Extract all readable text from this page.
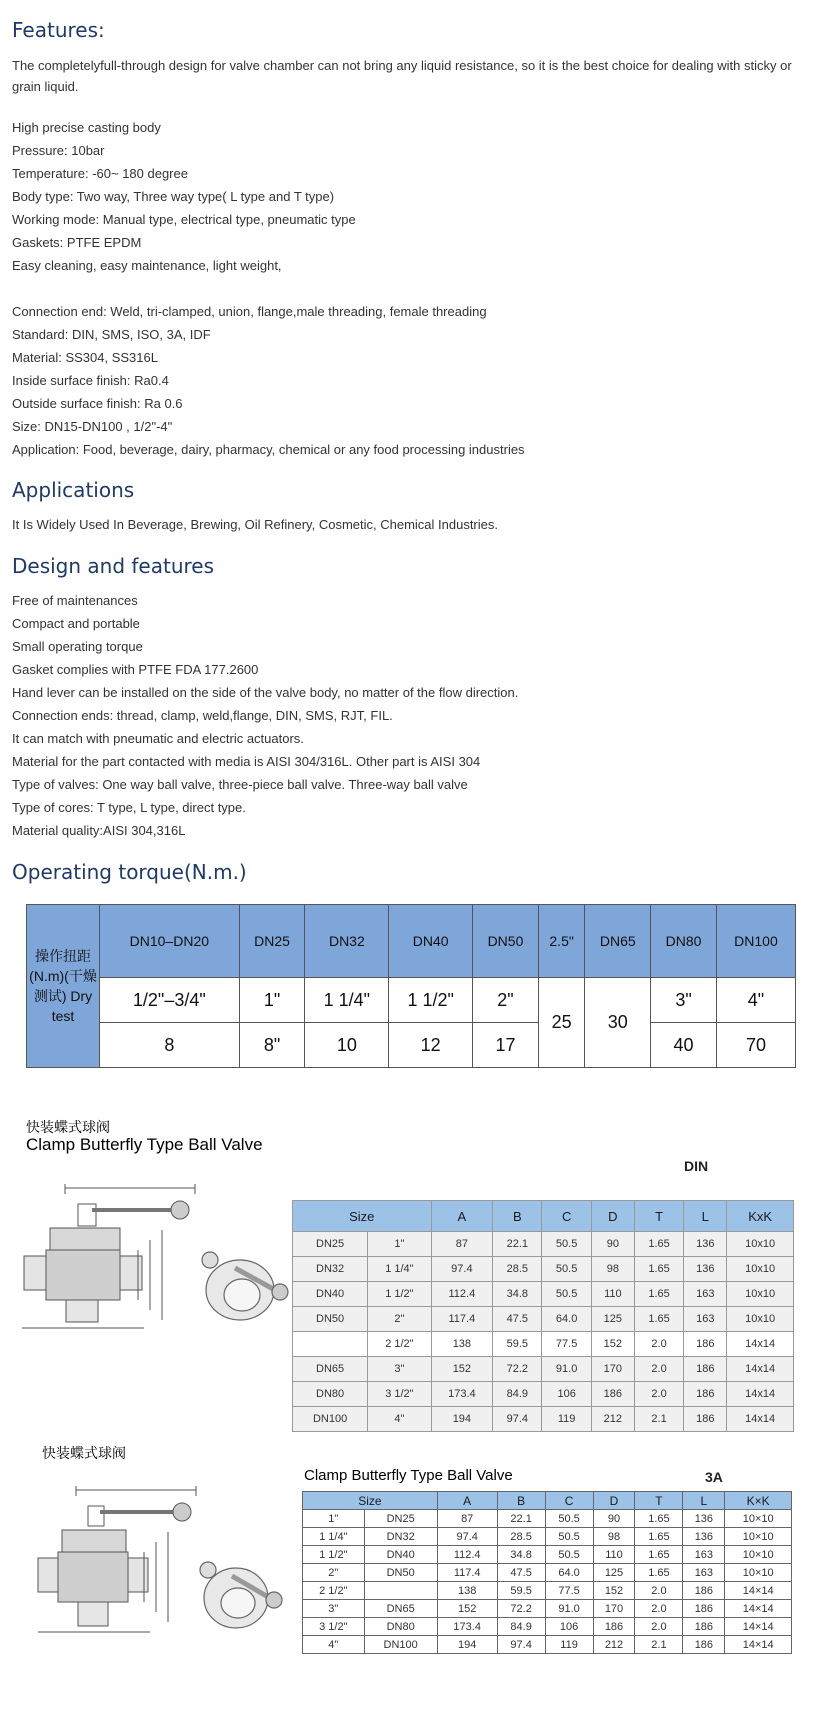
Features:

The completelyfull-through design for valve chamber can not bring any liquid resistance, so it is the best choice for dealing with sticky or grain liquid.

High precise casting body
Pressure: 10bar
Temperature: -60~ 180 degree
Body type: Two way, Three way type( L type and T type)
Working mode: Manual type, electrical type, pneumatic type
Gaskets: PTFE EPDM
Easy cleaning, easy maintenance, light weight,
Connection end: Weld, tri-clamped, union, flange,male threading, female threading
Standard: DIN, SMS, ISO, 3A, IDF
Material: SS304, SS316L
Inside surface finish: Ra0.4
Outside surface finish: Ra 0.6
Size: DN15-DN100 , 1/2"-4"
Application: Food, beverage, dairy, pharmacy, chemical or any food processing industries
Applications

It Is Widely Used In Beverage, Brewing, Oil Refinery, Cosmetic, Chemical Industries.

Design and features
Free of maintenances
Compact and portable
Small operating torque
Gasket complies with PTFE FDA 177.2600
Hand lever can be installed on the side of the valve body, no matter of the flow direction.
Connection ends: thread, clamp, weld,flange, DIN, SMS, RJT, FIL.
It can match with pneumatic and electric actuators.
Material for the part contacted with media is AISI 304/316L. Other part is AISI 304
Type of valves: One way ball valve, three-piece ball valve. Three-way ball valve
Type of cores: T type, L type, direct type.
Material quality:AISI 304,316L
Operating torque(N.m.)
操作扭距(N.m)(干燥测试) Dry test	DN10–DN20	DN25	DN32	DN40	DN50	2.5"	DN65	DN80	DN100
	1/2"–3/4"	1"	1 1/4"	1 1/2"	2"	25	30	3"	4"
	8	8"	10	12	17			40	70
快装蝶式球阀
Clamp Butterfly Type Ball Valve
DIN
Size		A	B	C	D	T	L	KxK
DN25	1"	87	22.1	50.5	90	1.65	136	10x10
DN32	1 1/4"	97.4	28.5	50.5	98	1.65	136	10x10
DN40	1 1/2"	112.4	34.8	50.5	110	1.65	163	10x10
DN50	2"	117.4	47.5	64.0	125	1.65	163	10x10
	2 1/2"	138	59.5	77.5	152	2.0	186	14x14
DN65	3"	152	72.2	91.0	170	2.0	186	14x14
DN80	3 1/2"	173.4	84.9	106	186	2.0	186	14x14
DN100	4"	194	97.4	119	212	2.1	186	14x14
快装蝶式球阀
Clamp Butterfly Type Ball Valve	3A
Size		A	B	C	D	T	L	K×K
1"	DN25	87	22.1	50.5	90	1.65	136	10×10
1 1/4"	DN32	97.4	28.5	50.5	98	1.65	136	10×10
1 1/2"	DN40	112.4	34.8	50.5	110	1.65	163	10×10
2"	DN50	117.4	47.5	64.0	125	1.65	163	10×10
2 1/2"		138	59.5	77.5	152	2.0	186	14×14
3"	DN65	152	72.2	91.0	170	2.0	186	14×14
3 1/2"	DN80	173.4	84.9	106	186	2.0	186	14×14
4"	DN100	194	97.4	119	212	2.1	186	14×14
